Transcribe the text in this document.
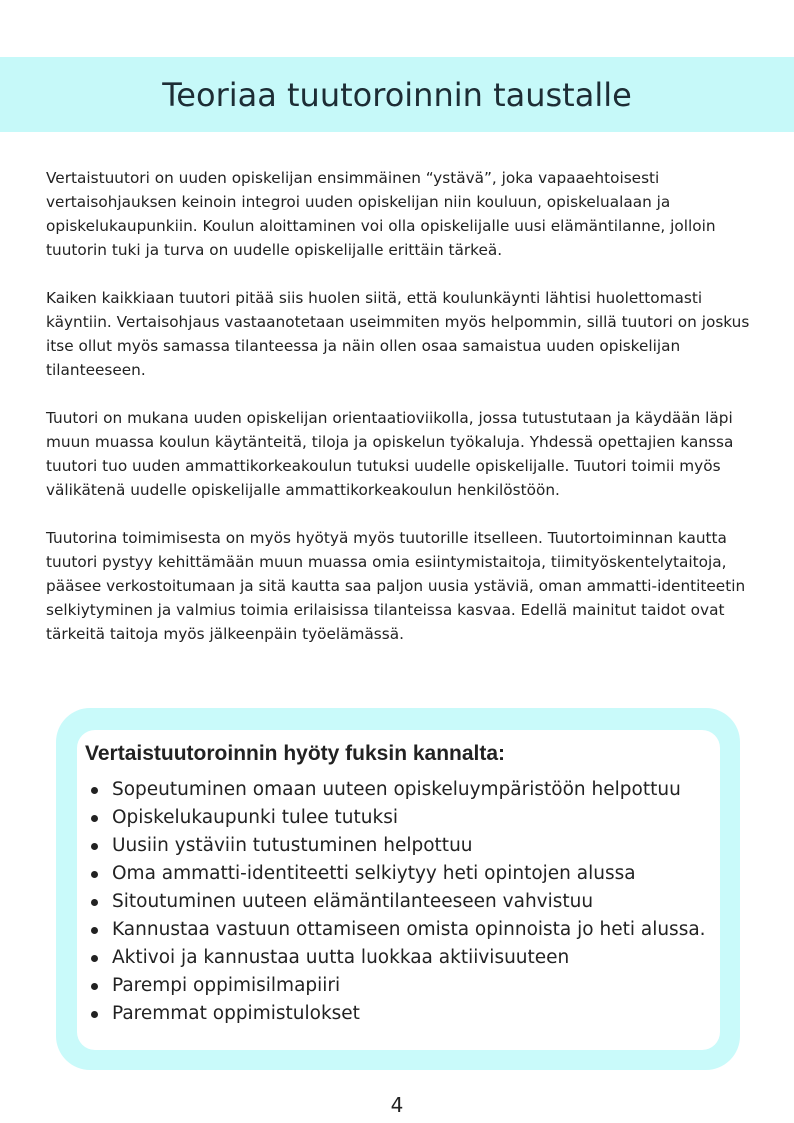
Teoriaa tuutoroinnin taustalle

Vertaistuutori on uuden opiskelijan ensimmäinen “ystävä”, joka vapaaehtoisesti vertaisohjauksen keinoin integroi uuden opiskelijan niin kouluun, opiskelualaan ja opiskelukaupunkiin. Koulun aloittaminen voi olla opiskelijalle uusi elämäntilanne, jolloin tuutorin tuki ja turva on uudelle opiskelijalle erittäin tärkeä.

Kaiken kaikkiaan tuutori pitää siis huolen siitä, että koulunkäynti lähtisi huolettomasti käyntiin. Vertaisohjaus vastaanotetaan useimmiten myös helpommin, sillä tuutori on joskus itse ollut myös samassa tilanteessa ja näin ollen osaa samaistua uuden opiskelijan tilanteeseen.

Tuutori on mukana uuden opiskelijan orientaatioviikolla, jossa tutustutaan ja käydään läpi muun muassa koulun käytänteitä, tiloja ja opiskelun työkaluja. Yhdessä opettajien kanssa tuutori tuo uuden ammattikorkeakoulun tutuksi uudelle opiskelijalle. Tuutori toimii myös välikätenä uudelle opiskelijalle ammattikorkeakoulun henkilöstöön.

Tuutorina toimimisesta on myös hyötyä myös tuutorille itselleen. Tuutortoiminnan kautta tuutori pystyy kehittämään muun muassa omia esiintymistaitoja, tiimityöskentelytaitoja, pääsee verkostoitumaan ja sitä kautta saa paljon uusia ystäviä, oman ammatti-identiteetin selkiytyminen ja valmius toimia erilaisissa tilanteissa kasvaa. Edellä mainitut taidot ovat tärkeitä taitoja myös jälkeenpäin työelämässä.

Vertaistuutoroinnin hyöty fuksin kannalta:
Sopeutuminen omaan uuteen opiskeluympäristöön helpottuu
Opiskelukaupunki tulee tutuksi
Uusiin ystäviin tutustuminen helpottuu
Oma ammatti-identiteetti selkiytyy heti opintojen alussa
Sitoutuminen uuteen elämäntilanteeseen vahvistuu
Kannustaa vastuun ottamiseen omista opinnoista jo heti alussa.
Aktivoi ja kannustaa uutta luokkaa aktiivisuuteen
Parempi oppimisilmapiiri
Paremmat oppimistulokset
4
